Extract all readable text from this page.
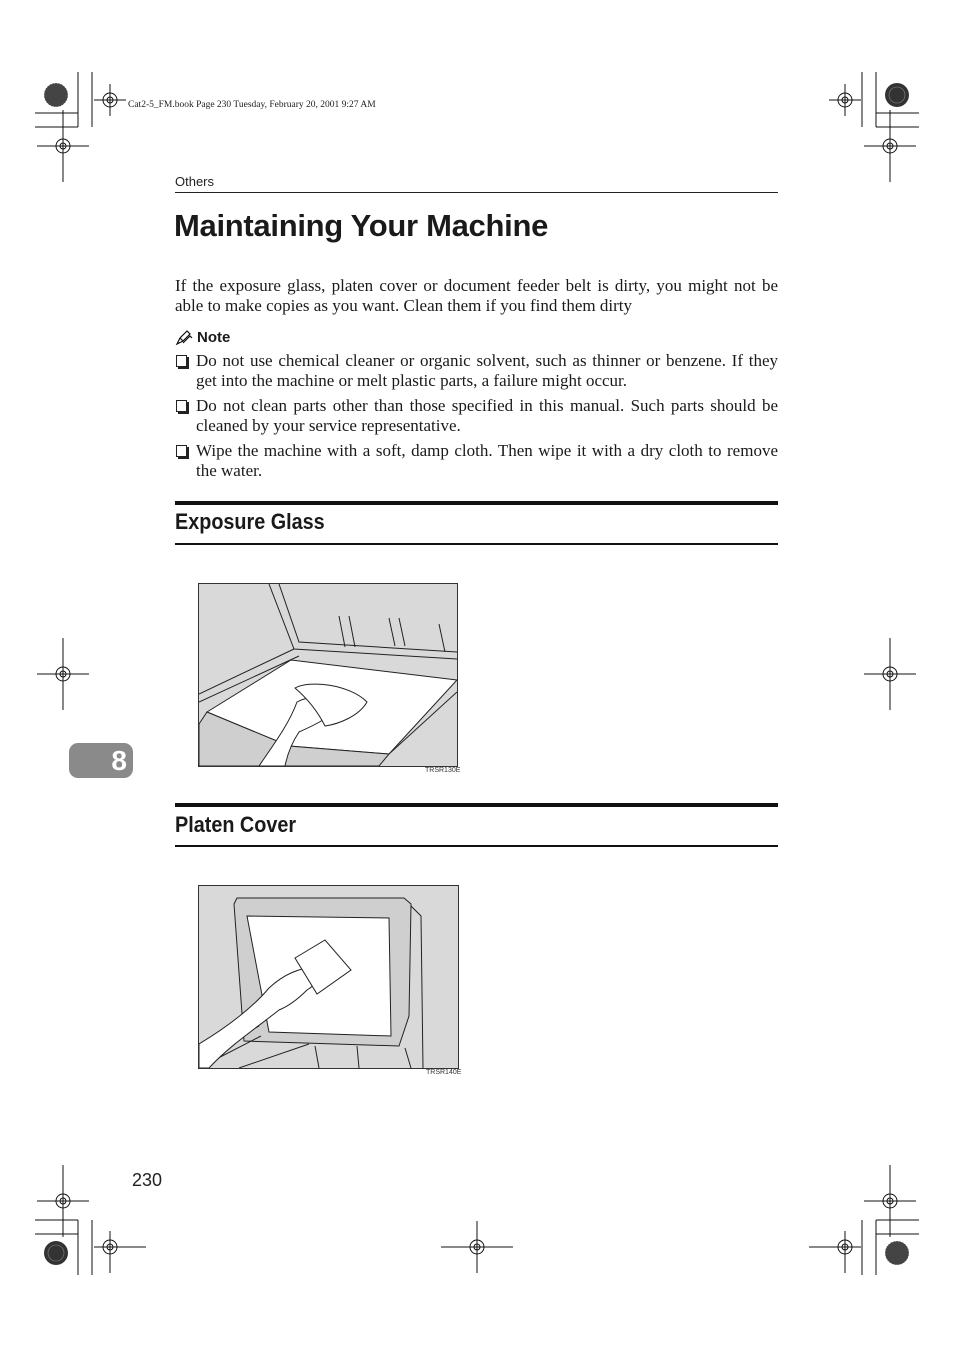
Cat2-5_FM.book Page 230 Tuesday, February 20, 2001 9:27 AM
Others
Maintaining Your Machine
If the exposure glass, platen cover or document feeder belt is dirty, you might not be able to make copies as you want. Clean them if you find them dirty
Note
Do not use chemical cleaner or organic solvent, such as thinner or benzene. If they get into the machine or melt plastic parts, a failure might occur.
Do not clean parts other than those specified in this manual. Such parts should be cleaned by your service representative.
Wipe the machine with a soft, damp cloth. Then wipe it with a dry cloth to remove the water.
Exposure Glass
TRSR130E
8
Platen Cover
TRSR140E
230
